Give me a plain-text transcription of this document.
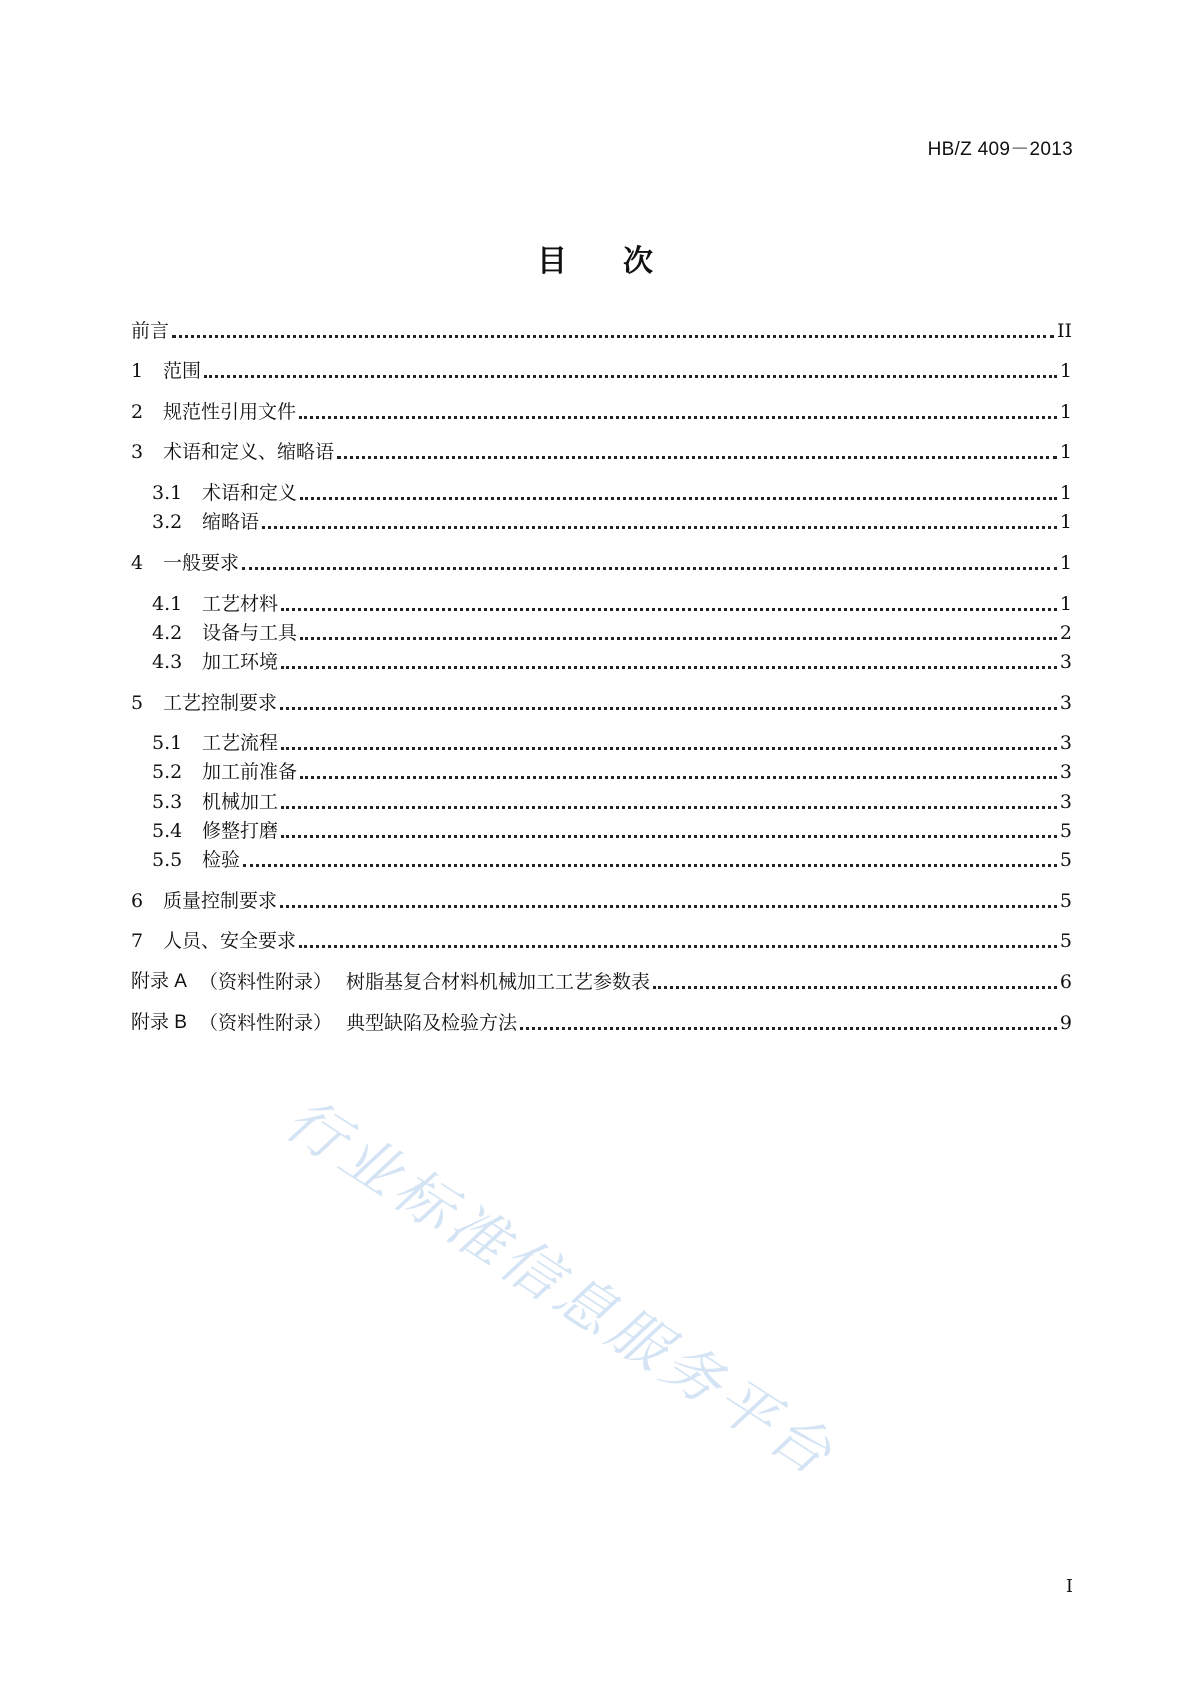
HB/Z 409－2013
目 次
前言	II
1	范围	1
2	规范性引用文件	1
3	术语和定义、缩略语	1
3.1	术语和定义	1
3.2	缩略语	1
4	一般要求	1
4.1	工艺材料	1
4.2	设备与工具	2
4.3	加工环境	3
5	工艺控制要求	3
5.1	工艺流程	3
5.2	加工前准备	3
5.3	机械加工	3
5.4	修整打磨	5
5.5	检验	5
6	质量控制要求	5
7	人员、安全要求	5
附录 A （资料性附录） 树脂基复合材料机械加工工艺参数表	6
附录 B （资料性附录） 典型缺陷及检验方法	9
行业标准信息服务平台
I
